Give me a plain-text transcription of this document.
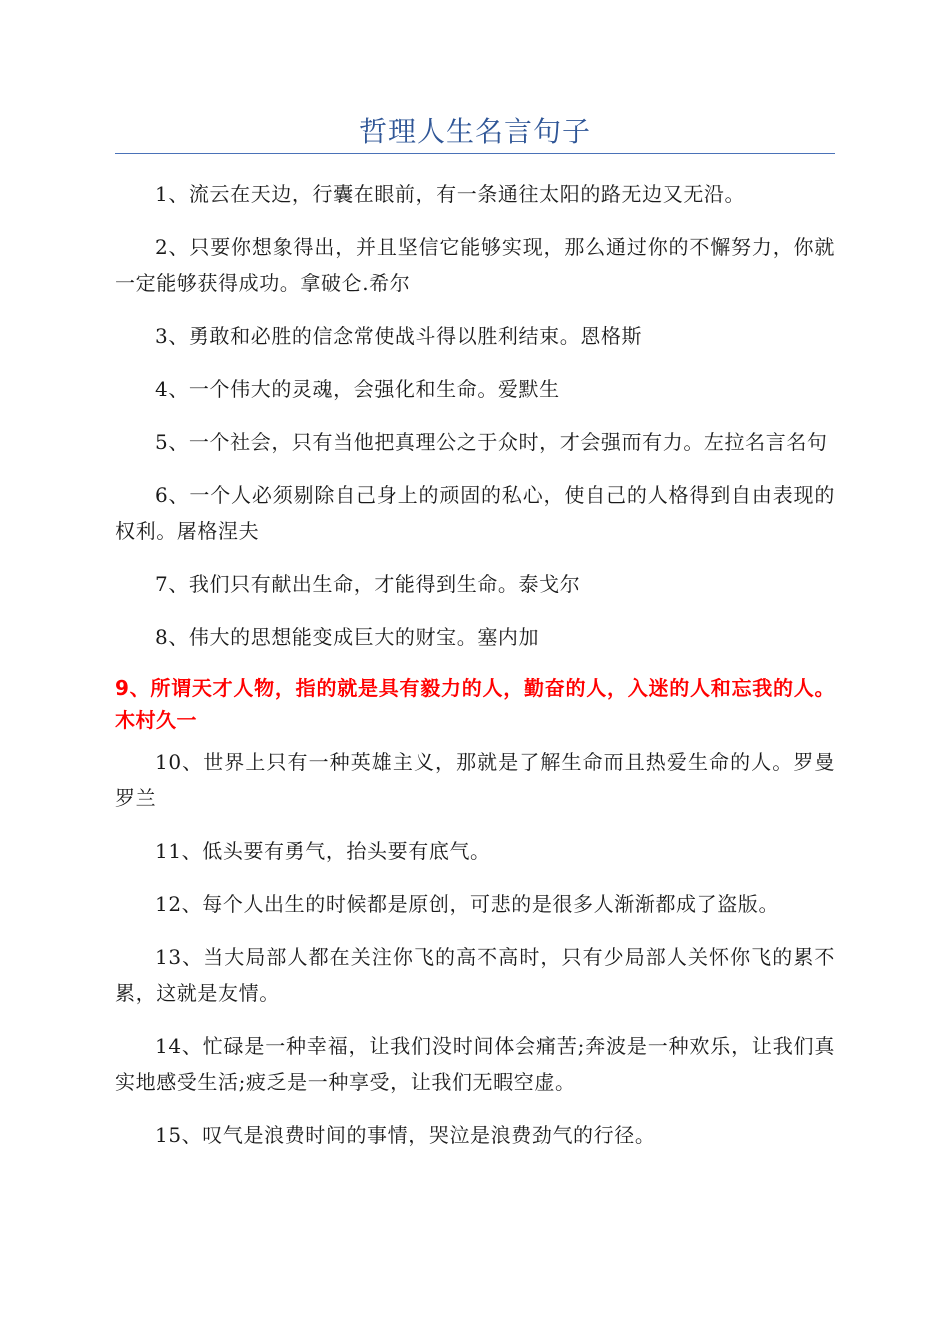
哲理人生名言句子

1、流云在天边，行囊在眼前，有一条通往太阳的路无边又无沿。

2、只要你想象得出，并且坚信它能够实现，那么通过你的不懈努力，你就一定能够获得成功。拿破仑.希尔

3、勇敢和必胜的信念常使战斗得以胜利结束。恩格斯

4、一个伟大的灵魂，会强化和生命。爱默生

5、一个社会，只有当他把真理公之于众时，才会强而有力。左拉名言名句

6、一个人必须剔除自己身上的顽固的私心，使自己的人格得到自由表现的权利。屠格涅夫

7、我们只有献出生命，才能得到生命。泰戈尔

8、伟大的思想能变成巨大的财宝。塞内加

9、所谓天才人物，指的就是具有毅力的人，勤奋的人，入迷的人和忘我的人。木村久一

10、世界上只有一种英雄主义，那就是了解生命而且热爱生命的人。罗曼罗兰

11、低头要有勇气，抬头要有底气。

12、每个人出生的时候都是原创，可悲的是很多人渐渐都成了盗版。

13、当大局部人都在关注你飞的高不高时，只有少局部人关怀你飞的累不累，这就是友情。

14、忙碌是一种幸福，让我们没时间体会痛苦;奔波是一种欢乐，让我们真实地感受生活;疲乏是一种享受，让我们无暇空虚。

15、叹气是浪费时间的事情，哭泣是浪费劲气的行径。
